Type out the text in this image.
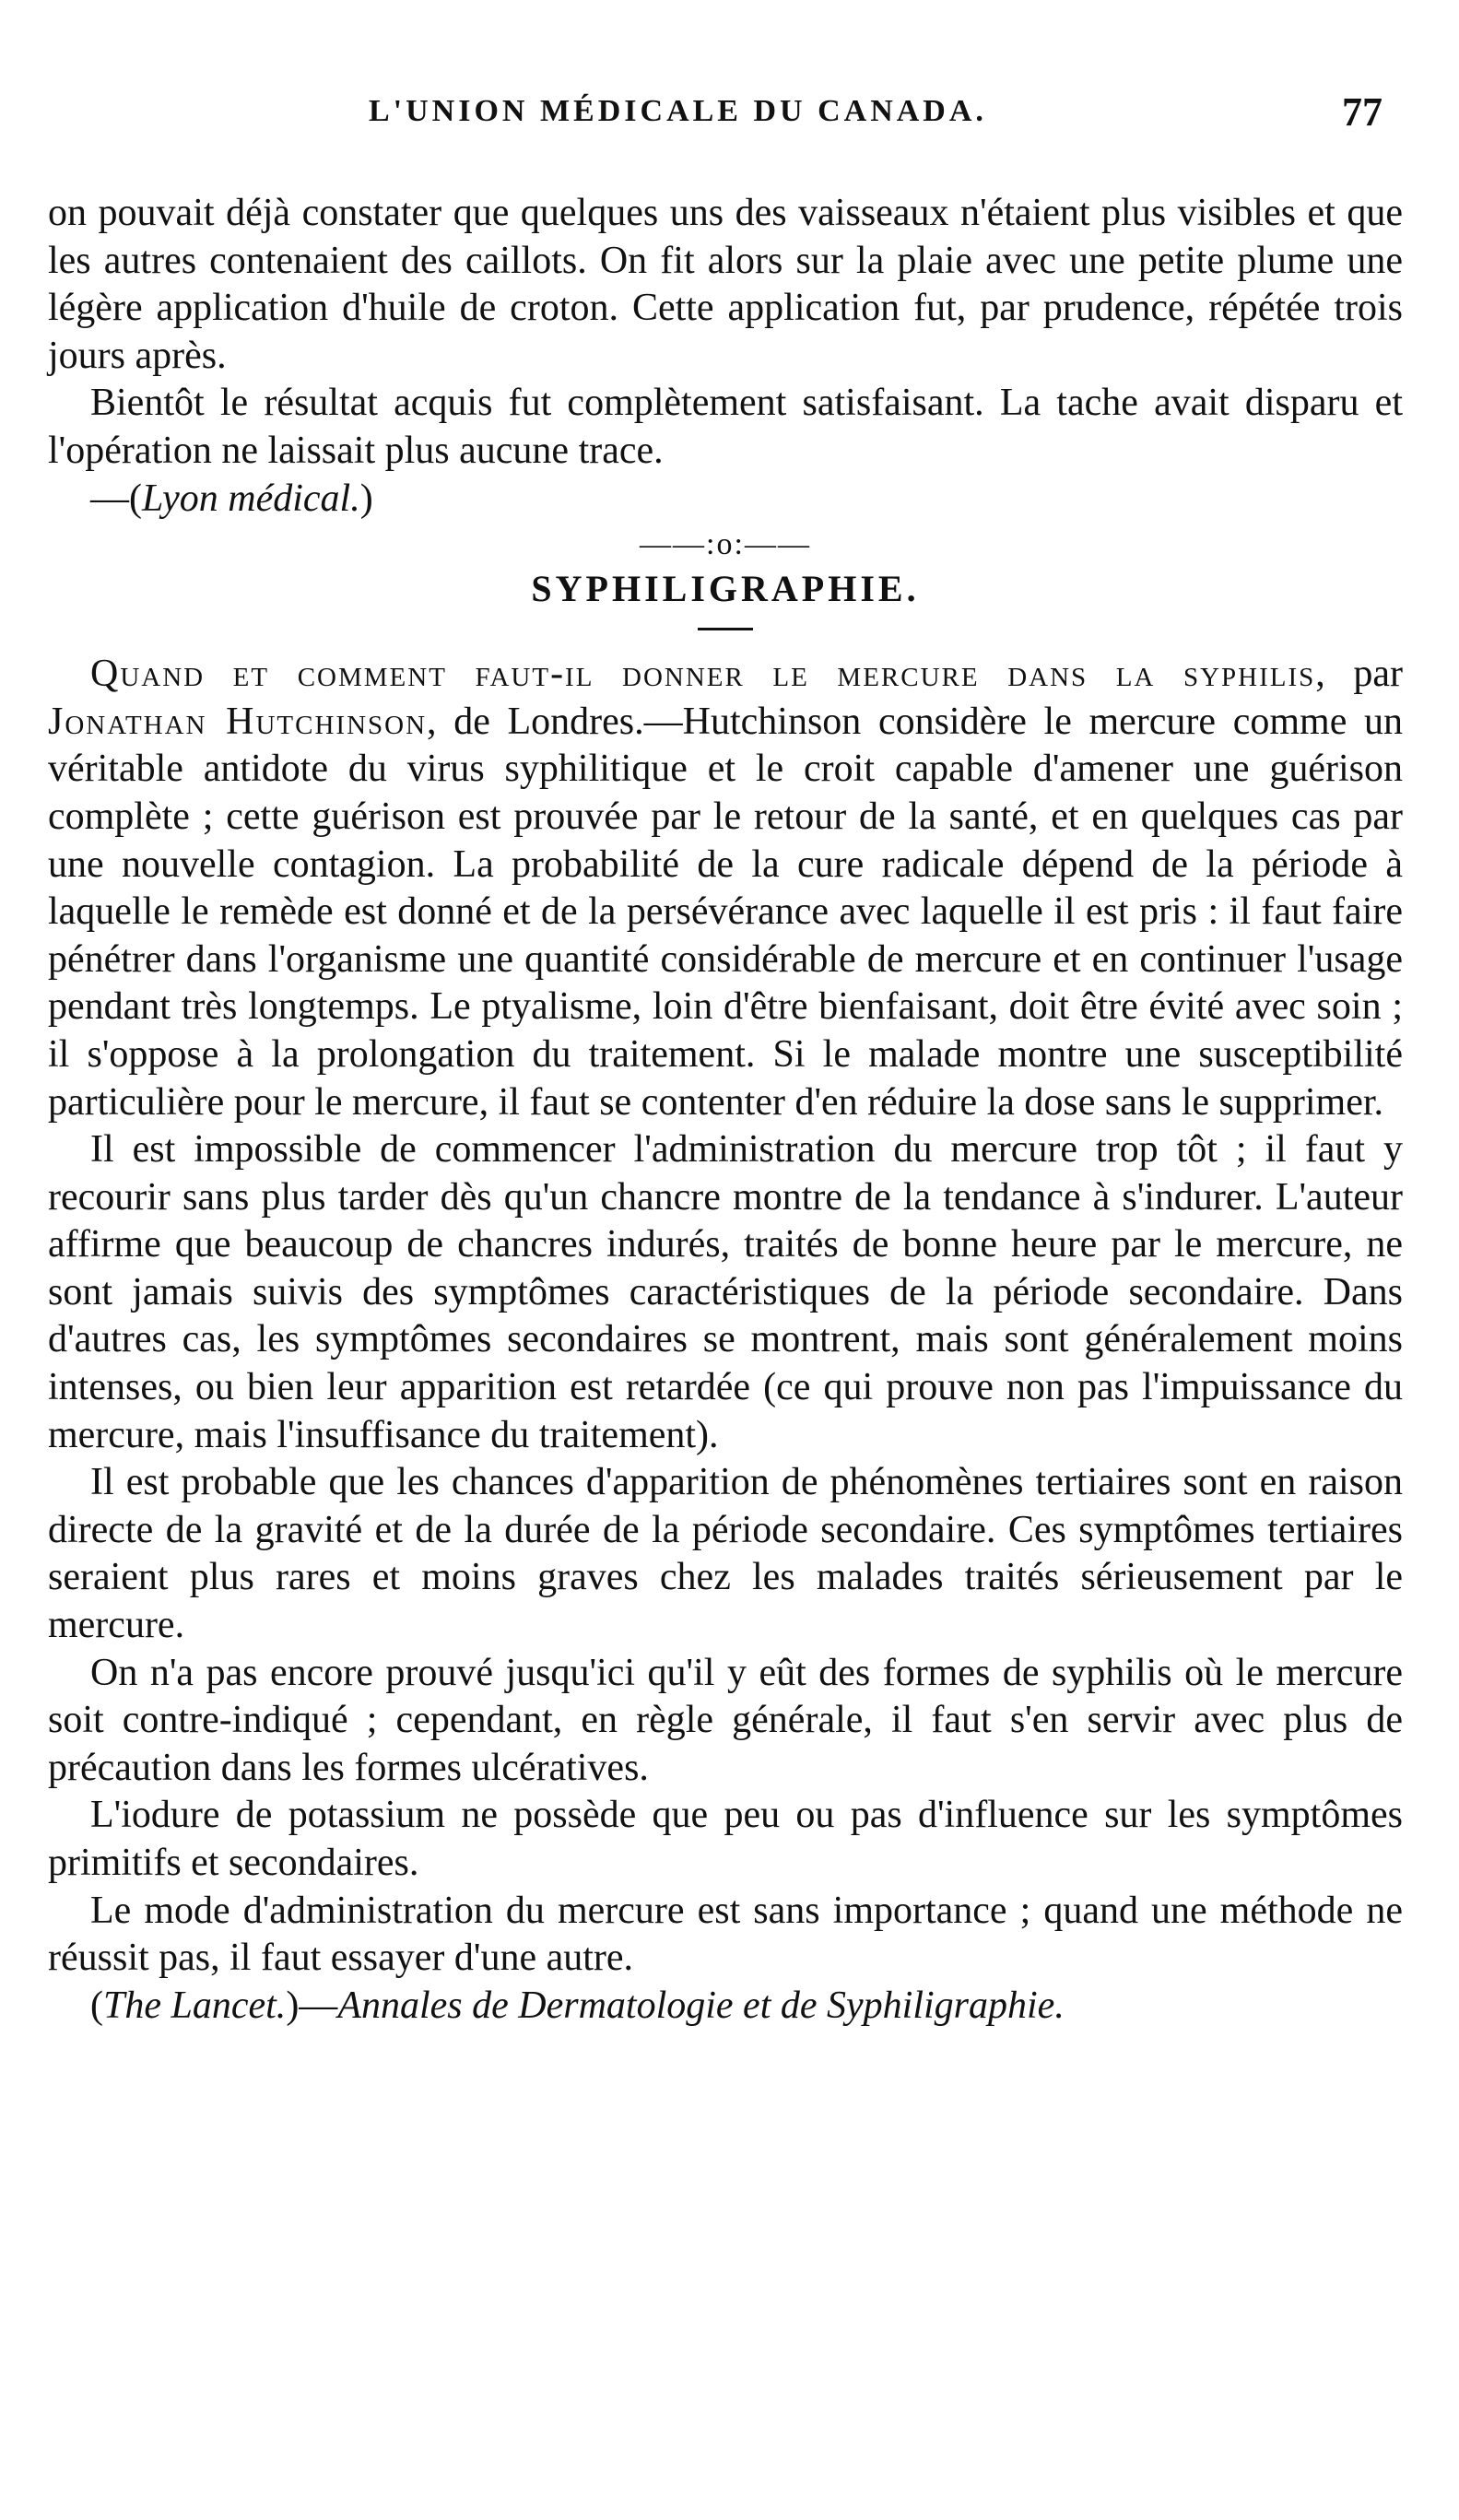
L'UNION MÉDICALE DU CANADA.	77

on pouvait déjà constater que quelques uns des vaisseaux n'étaient plus visibles et que les autres contenaient des caillots. On fit alors sur la plaie avec une petite plume une légère application d'huile de croton. Cette application fut, par prudence, répétée trois jours après.

Bientôt le résultat acquis fut complètement satisfaisant. La tache avait disparu et l'opération ne laissait plus aucune trace.

—(Lyon médical.)

——:o:——
SYPHILIGRAPHIE.

Quand et comment faut-il donner le mercure dans la syphilis, par Jonathan Hutchinson, de Londres.—Hutchinson considère le mercure comme un véritable antidote du virus syphilitique et le croit capable d'amener une guérison complète ; cette guérison est prouvée par le retour de la santé, et en quelques cas par une nouvelle contagion. La probabilité de la cure radicale dépend de la période à laquelle le remède est donné et de la persévérance avec laquelle il est pris : il faut faire pénétrer dans l'organisme une quantité considérable de mercure et en continuer l'usage pendant très longtemps. Le ptyalisme, loin d'être bienfaisant, doit être évité avec soin ; il s'oppose à la prolongation du traitement. Si le malade montre une susceptibilité particulière pour le mercure, il faut se contenter d'en réduire la dose sans le supprimer.

Il est impossible de commencer l'administration du mercure trop tôt ; il faut y recourir sans plus tarder dès qu'un chancre montre de la tendance à s'indurer. L'auteur affirme que beaucoup de chancres indurés, traités de bonne heure par le mercure, ne sont jamais suivis des symptômes caractéristiques de la période secondaire. Dans d'autres cas, les symptômes secondaires se montrent, mais sont généralement moins intenses, ou bien leur apparition est retardée (ce qui prouve non pas l'impuissance du mercure, mais l'insuffisance du traitement).

Il est probable que les chances d'apparition de phénomènes tertiaires sont en raison directe de la gravité et de la durée de la période secondaire. Ces symptômes tertiaires seraient plus rares et moins graves chez les malades traités sérieusement par le mercure.

On n'a pas encore prouvé jusqu'ici qu'il y eût des formes de syphilis où le mercure soit contre-indiqué ; cependant, en règle générale, il faut s'en servir avec plus de précaution dans les formes ulcératives.

L'iodure de potassium ne possède que peu ou pas d'influence sur les symptômes primitifs et secondaires.

Le mode d'administration du mercure est sans importance ; quand une méthode ne réussit pas, il faut essayer d'une autre.

(The Lancet.)—Annales de Dermatologie et de Syphiligraphie.
